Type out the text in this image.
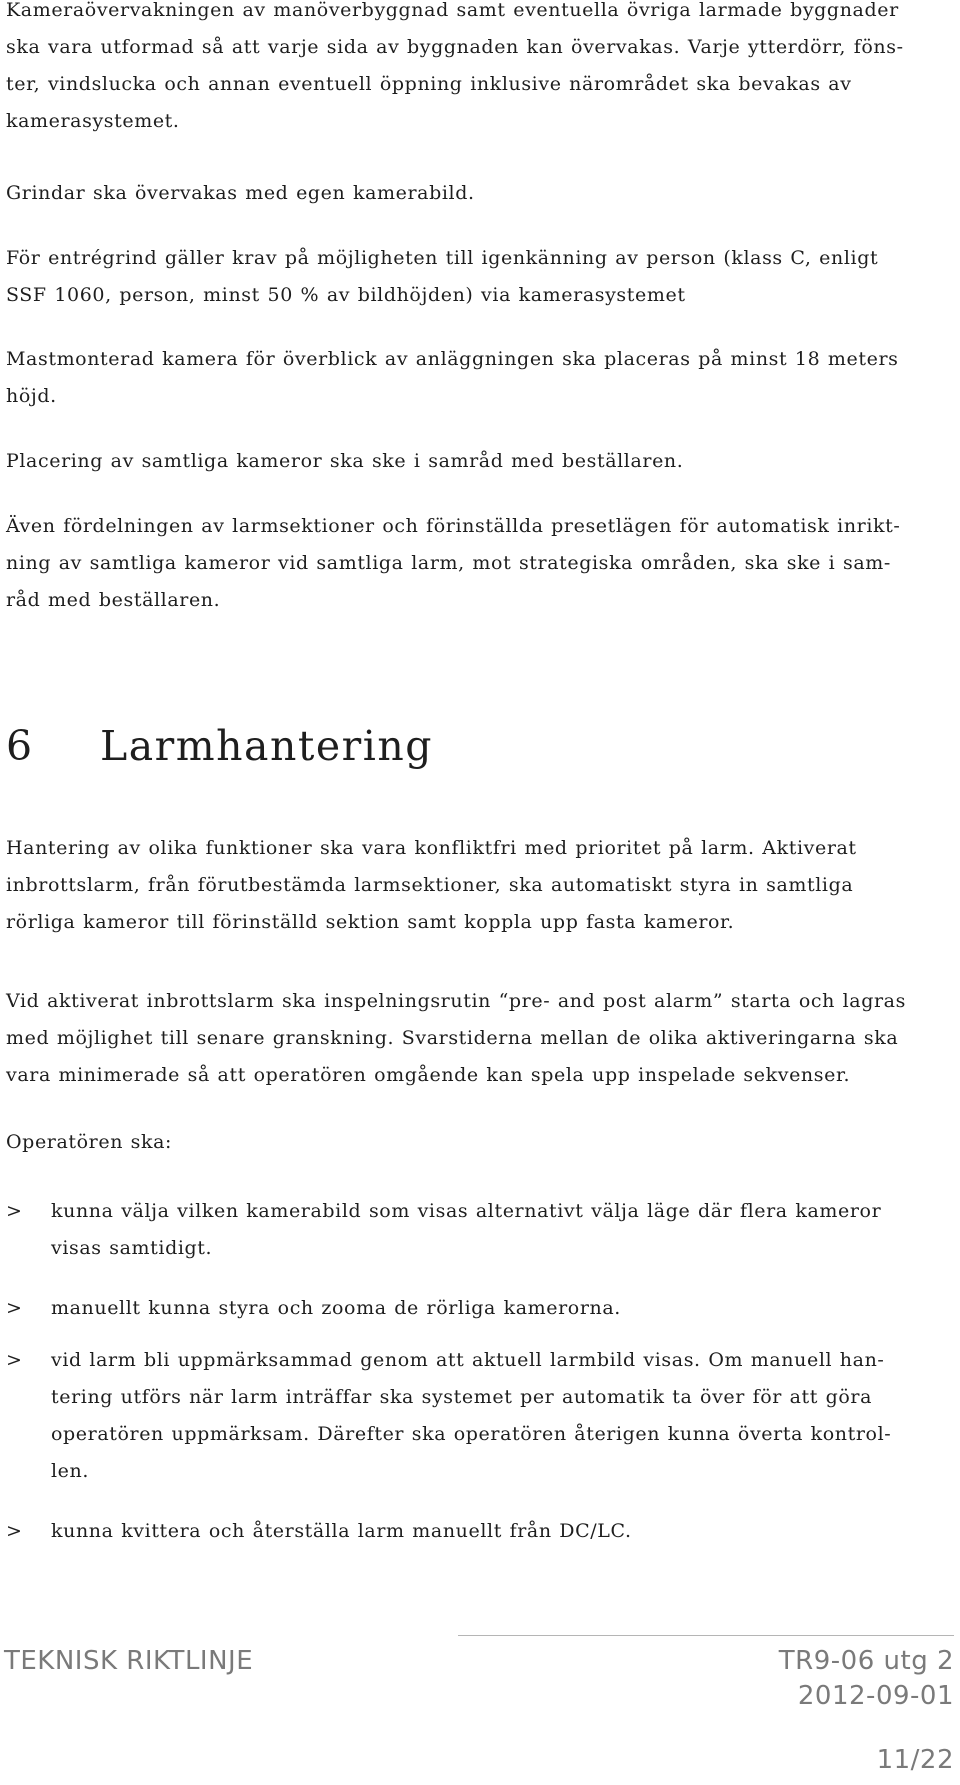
Kameraövervakningen av manöverbyggnad samt eventuella övriga larmade byggnader
ska vara utformad så att varje sida av byggnaden kan övervakas. Varje ytterdörr, föns-
ter, vindslucka och annan eventuell öppning inklusive närområdet ska bevakas av
kamerasystemet.

Grindar ska övervakas med egen kamerabild.

För entrégrind gäller krav på möjligheten till igenkänning av person (klass C, enligt
SSF 1060, person, minst 50 % av bildhöjden) via kamerasystemet

Mastmonterad kamera för överblick av anläggningen ska placeras på minst 18 meters
höjd.

Placering av samtliga kameror ska ske i samråd med beställaren.

Även fördelningen av larmsektioner och förinställda presetlägen för automatisk inrikt-
ning av samtliga kameror vid samtliga larm, mot strategiska områden, ska ske i sam-
råd med beställaren.

6 Larmhantering

Hantering av olika funktioner ska vara konfliktfri med prioritet på larm. Aktiverat
inbrottslarm, från förutbestämda larmsektioner, ska automatiskt styra in samtliga
rörliga kameror till förinställd sektion samt koppla upp fasta kameror.

Vid aktiverat inbrottslarm ska inspelningsrutin “pre- and post alarm” starta och lagras
med möjlighet till senare granskning. Svarstiderna mellan de olika aktiveringarna ska
vara minimerade så att operatören omgående kan spela upp inspelade sekvenser.

Operatören ska:

> kunna välja vilken kamerabild som visas alternativt välja läge där flera kameror
visas samtidigt.
> manuellt kunna styra och zooma de rörliga kamerorna.
> vid larm bli uppmärksammad genom att aktuell larmbild visas. Om manuell han-
tering utförs när larm inträffar ska systemet per automatik ta över för att göra
operatören uppmärksam. Därefter ska operatören återigen kunna överta kontrol-
len.
> kunna kvittera och återställa larm manuellt från DC/LC.
TEKNISK RIKTLINJE	TR9-06 utg 2
2012-09-01
11/22
